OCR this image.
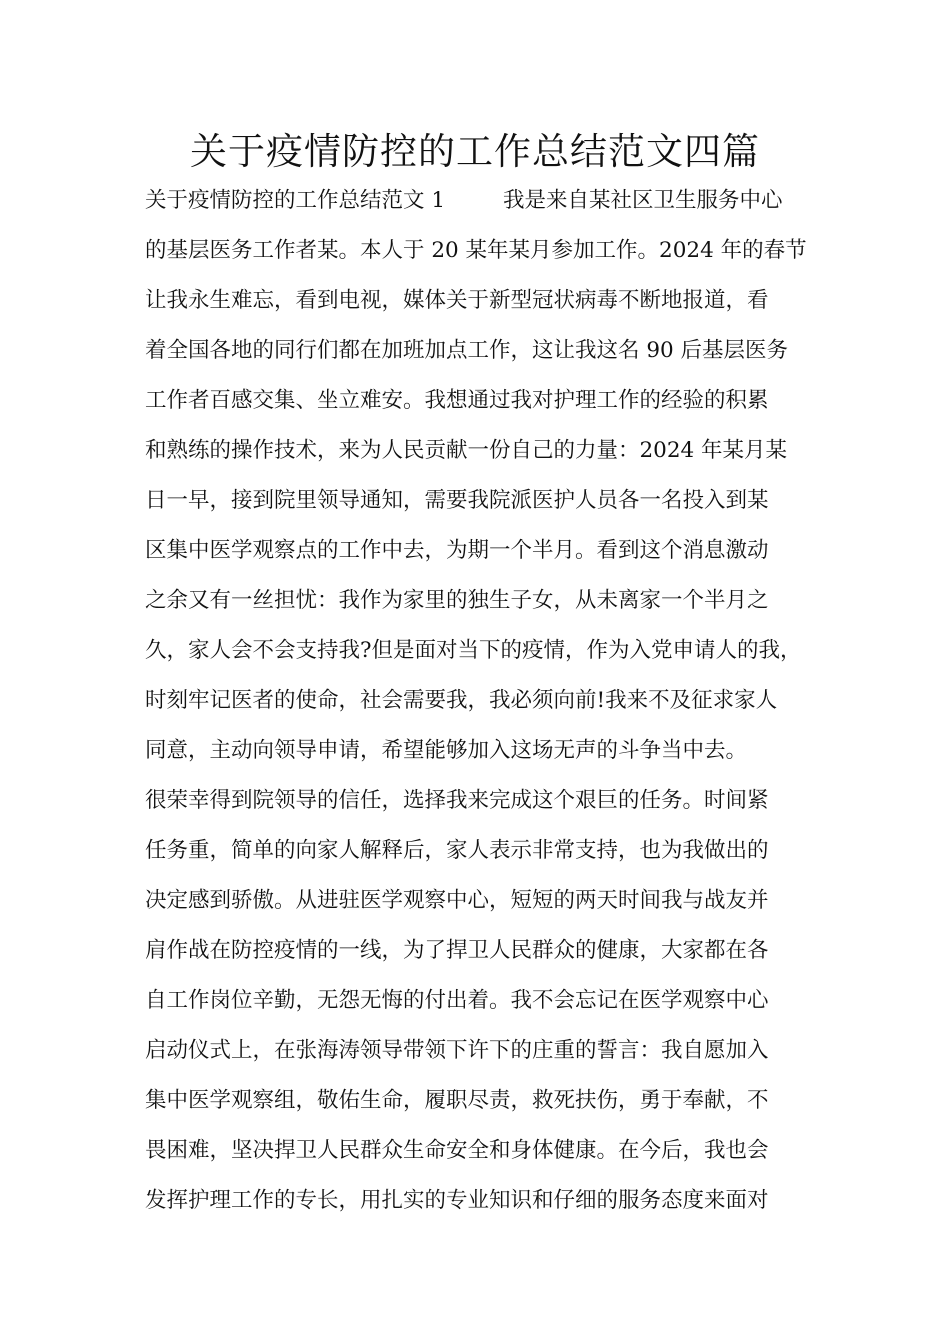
关于疫情防控的工作总结范文四篇
关于疫情防控的工作总结范文 1	我是来自某社区卫生服务中心
的基层医务工作者某。本人于 20 某年某月参加工作。2024 年的春节
让我永生难忘，看到电视，媒体关于新型冠状病毒不断地报道，看
着全国各地的同行们都在加班加点工作，这让我这名 90 后基层医务
工作者百感交集、坐立难安。我想通过我对护理工作的经验的积累
和熟练的操作技术，来为人民贡献一份自己的力量：2024 年某月某
日一早，接到院里领导通知，需要我院派医护人员各一名投入到某
区集中医学观察点的工作中去，为期一个半月。看到这个消息激动
之余又有一丝担忧：我作为家里的独生子女，从未离家一个半月之
久，家人会不会支持我?但是面对当下的疫情，作为入党申请人的我，
时刻牢记医者的使命，社会需要我，我必须向前!我来不及征求家人
同意，主动向领导申请，希望能够加入这场无声的斗争当中去。
很荣幸得到院领导的信任，选择我来完成这个艰巨的任务。时间紧
任务重，简单的向家人解释后，家人表示非常支持，也为我做出的
决定感到骄傲。从进驻医学观察中心，短短的两天时间我与战友并
肩作战在防控疫情的一线，为了捍卫人民群众的健康，大家都在各
自工作岗位辛勤，无怨无悔的付出着。我不会忘记在医学观察中心
启动仪式上，在张海涛领导带领下许下的庄重的誓言：我自愿加入
集中医学观察组，敬佑生命，履职尽责，救死扶伤，勇于奉献，不
畏困难，坚决捍卫人民群众生命安全和身体健康。在今后，我也会
发挥护理工作的专长，用扎实的专业知识和仔细的服务态度来面对
